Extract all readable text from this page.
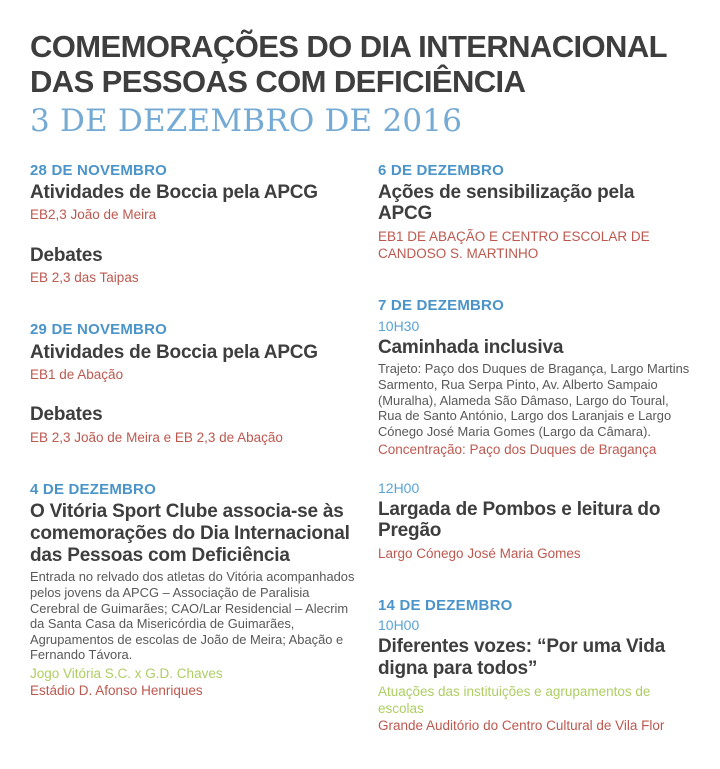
COMEMORAÇÕES DO DIA INTERNACIONAL
DAS PESSOAS COM DEFICIÊNCIA
3 DE DEZEMBRO DE 2016
28 DE NOVEMBRO
Atividades de Boccia pela APCG
EB2,3 João de Meira
Debates
EB 2,3 das Taipas
29 DE NOVEMBRO
Atividades de Boccia pela APCG
EB1 de Abação
Debates
EB 2,3 João de Meira e EB 2,3 de Abação
4 DE DEZEMBRO
O Vitória Sport Clube associa-se às comemorações do Dia Internacional das Pessoas com Deficiência
Entrada no relvado dos atletas do Vitória acompanhados pelos jovens da APCG – Associação de Paralisia Cerebral de Guimarães; CAO/Lar Residencial – Alecrim da Santa Casa da Misericórdia de Guimarães, Agrupamentos de escolas de João de Meira; Abação e Fernando Távora.
Jogo Vitória S.C. x G.D. Chaves
Estádio D. Afonso Henriques
6 DE DEZEMBRO
Ações de sensibilização pela APCG
EB1 DE ABAÇÃO E CENTRO ESCOLAR DE CANDOSO S. MARTINHO
7 DE DEZEMBRO
10H30
Caminhada inclusiva
Trajeto: Paço dos Duques de Bragança, Largo Martins Sarmento, Rua Serpa Pinto, Av. Alberto Sampaio (Muralha), Alameda São Dâmaso, Largo do Toural, Rua de Santo António, Largo dos Laranjais e Largo Cónego José Maria Gomes (Largo da Câmara).
Concentração: Paço dos Duques de Bragança
12H00
Largada de Pombos e leitura do Pregão
Largo Cónego José Maria Gomes
14 DE DEZEMBRO
10H00
Diferentes vozes: “Por uma Vida digna para todos”
Atuações das instituições e agrupamentos de escolas
Grande Auditório do Centro Cultural de Vila Flor
